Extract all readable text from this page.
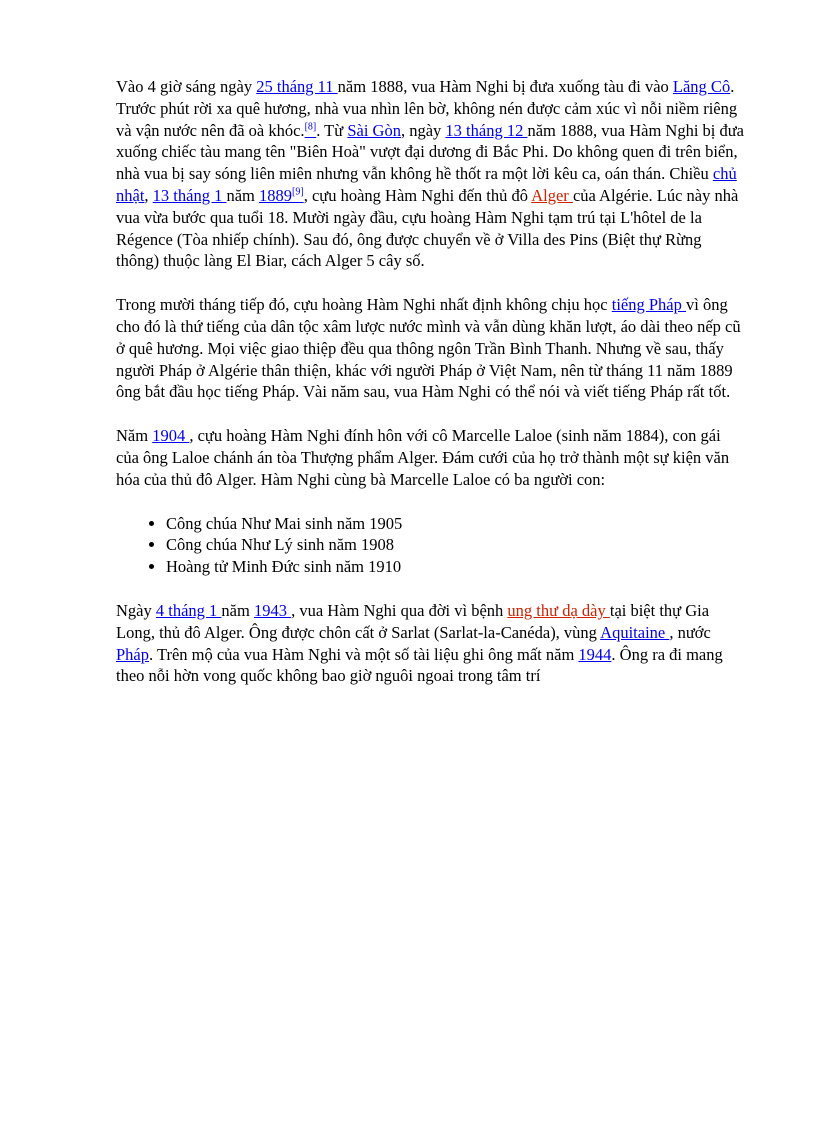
Vào 4 giờ sáng ngày 25 tháng 11 năm 1888, vua Hàm Nghi bị đưa xuống tàu đi vào Lăng Cô. Trước phút rời xa quê hương, nhà vua nhìn lên bờ, không nén được cảm xúc vì nỗi niềm riêng và vận nước nên đã oà khóc.[8]. Từ Sài Gòn, ngày 13 tháng 12 năm 1888, vua Hàm Nghi bị đưa xuống chiếc tàu mang tên "Biên Hoà" vượt đại dương đi Bắc Phi. Do không quen đi trên biển, nhà vua bị say sóng liên miên nhưng vẫn không hề thốt ra một lời kêu ca, oán thán. Chiều chủ nhật, 13 tháng 1 năm 1889[9], cựu hoàng Hàm Nghi đến thủ đô Alger của Algérie. Lúc này nhà vua vừa bước qua tuổi 18. Mười ngày đầu, cựu hoàng Hàm Nghi tạm trú tại L'hôtel de la Régence (Tòa nhiếp chính). Sau đó, ông được chuyển về ở Villa des Pins (Biệt thự Rừng thông) thuộc làng El Biar, cách Alger 5 cây số.

Trong mười tháng tiếp đó, cựu hoàng Hàm Nghi nhất định không chịu học tiếng Pháp vì ông cho đó là thứ tiếng của dân tộc xâm lược nước mình và vẫn dùng khăn lượt, áo dài theo nếp cũ ở quê hương. Mọi việc giao thiệp đều qua thông ngôn Trần Bình Thanh. Nhưng về sau, thấy người Pháp ở Algérie thân thiện, khác với người Pháp ở Việt Nam, nên từ tháng 11 năm 1889 ông bắt đầu học tiếng Pháp. Vài năm sau, vua Hàm Nghi có thể nói và viết tiếng Pháp rất tốt.

Năm 1904 , cựu hoàng Hàm Nghi đính hôn với cô Marcelle Laloe (sinh năm 1884), con gái của ông Laloe chánh án tòa Thượng phẩm Alger. Đám cưới của họ trở thành một sự kiện văn hóa của thủ đô Alger. Hàm Nghi cùng bà Marcelle Laloe có ba người con:

• Công chúa Như Mai sinh năm 1905
• Công chúa Như Lý sinh năm 1908
• Hoàng tử Minh Đức sinh năm 1910

Ngày 4 tháng 1 năm 1943 , vua Hàm Nghi qua đời vì bệnh ung thư dạ dày tại biệt thự Gia Long, thủ đô Alger. Ông được chôn cất ở Sarlat (Sarlat-la-Canéda), vùng Aquitaine , nước Pháp. Trên mộ của vua Hàm Nghi và một số tài liệu ghi ông mất năm 1944. Ông ra đi mang theo nỗi hờn vong quốc không bao giờ nguôi ngoai trong tâm trí
